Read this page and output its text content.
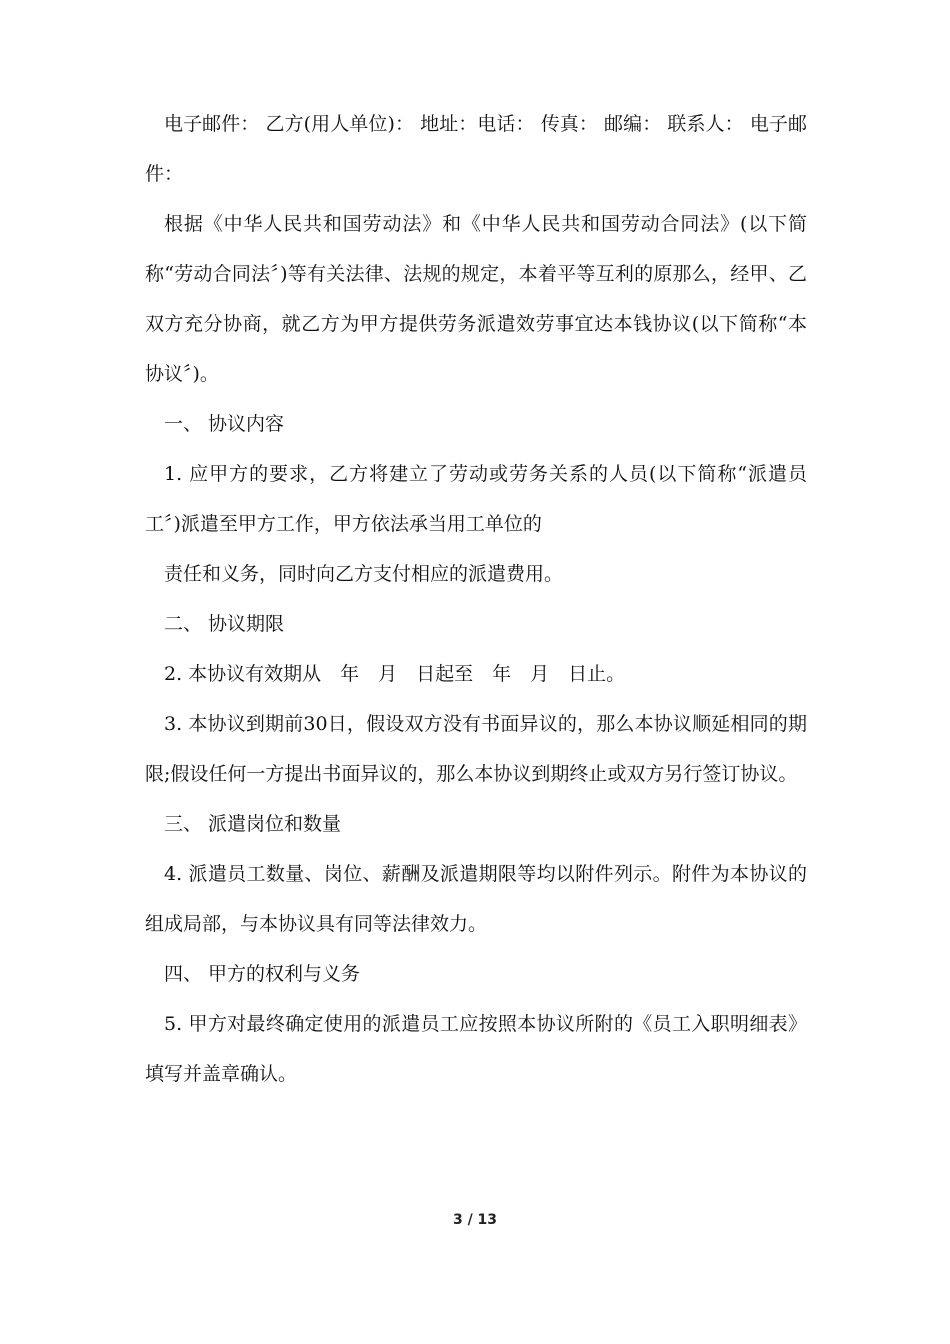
电子邮件： 乙方(用人单位)： 地址：电话： 传真： 邮编： 联系人： 电子邮件：

根据《中华人民共和国劳动法》和《中华人民共和国劳动合同法》(以下简称“劳动合同法〞)等有关法律、法规的规定，本着平等互利的原那么，经甲、乙双方充分协商，就乙方为甲方提供劳务派遣效劳事宜达本钱协议(以下简称“本协议〞)。

一、 协议内容

1. 应甲方的要求，乙方将建立了劳动或劳务关系的人员(以下简称“派遣员工〞)派遣至甲方工作，甲方依法承当用工单位的

责任和义务，同时向乙方支付相应的派遣费用。

二、 协议期限

2. 本协议有效期从　年　月　日起至　年　月　日止。

3. 本协议到期前30日，假设双方没有书面异议的，那么本协议顺延相同的期限;假设任何一方提出书面异议的，那么本协议到期终止或双方另行签订协议。

三、 派遣岗位和数量

4. 派遣员工数量、岗位、薪酬及派遣期限等均以附件列示。附件为本协议的组成局部，与本协议具有同等法律效力。

四、 甲方的权利与义务

5. 甲方对最终确定使用的派遣员工应按照本协议所附的《员工入职明细表》填写并盖章确认。

3 / 13
